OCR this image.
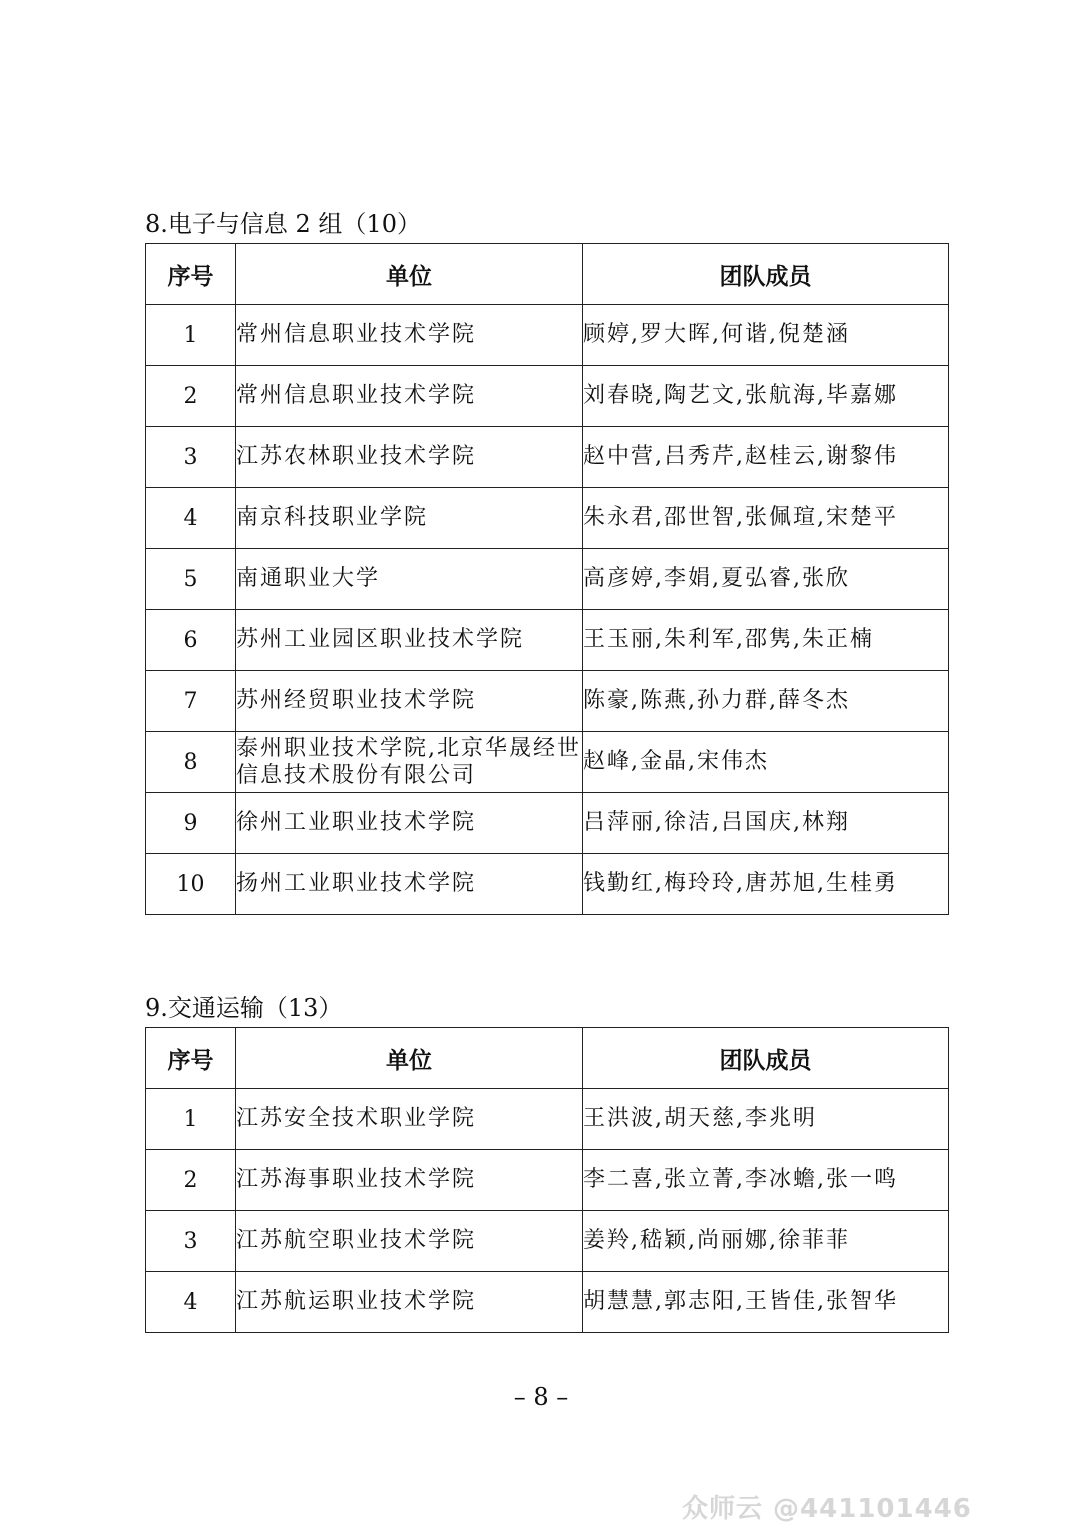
8.电子与信息 2 组（10）
序号	单位	团队成员
1	常州信息职业技术学院	顾婷,罗大晖,何谐,倪楚涵
2	常州信息职业技术学院	刘春晓,陶艺文,张航海,毕嘉娜
3	江苏农林职业技术学院	赵中营,吕秀芹,赵桂云,谢黎伟
4	南京科技职业学院	朱永君,邵世智,张佩瑄,宋楚平
5	南通职业大学	高彦婷,李娟,夏弘睿,张欣
6	苏州工业园区职业技术学院	王玉丽,朱利军,邵隽,朱正楠
7	苏州经贸职业技术学院	陈豪,陈燕,孙力群,薛冬杰
8	泰州职业技术学院,北京华晟经世信息技术股份有限公司	赵峰,金晶,宋伟杰
9	徐州工业职业技术学院	吕萍丽,徐洁,吕国庆,林翔
10	扬州工业职业技术学院	钱勤红,梅玲玲,唐苏旭,生桂勇
9.交通运输（13）
序号	单位	团队成员
1	江苏安全技术职业学院	王洪波,胡天慈,李兆明
2	江苏海事职业技术学院	李二喜,张立菁,李冰蟾,张一鸣
3	江苏航空职业技术学院	姜羚,嵇颖,尚丽娜,徐菲菲
4	江苏航运职业技术学院	胡慧慧,郭志阳,王皆佳,张智华
– 8 –
众师云 @441101446
